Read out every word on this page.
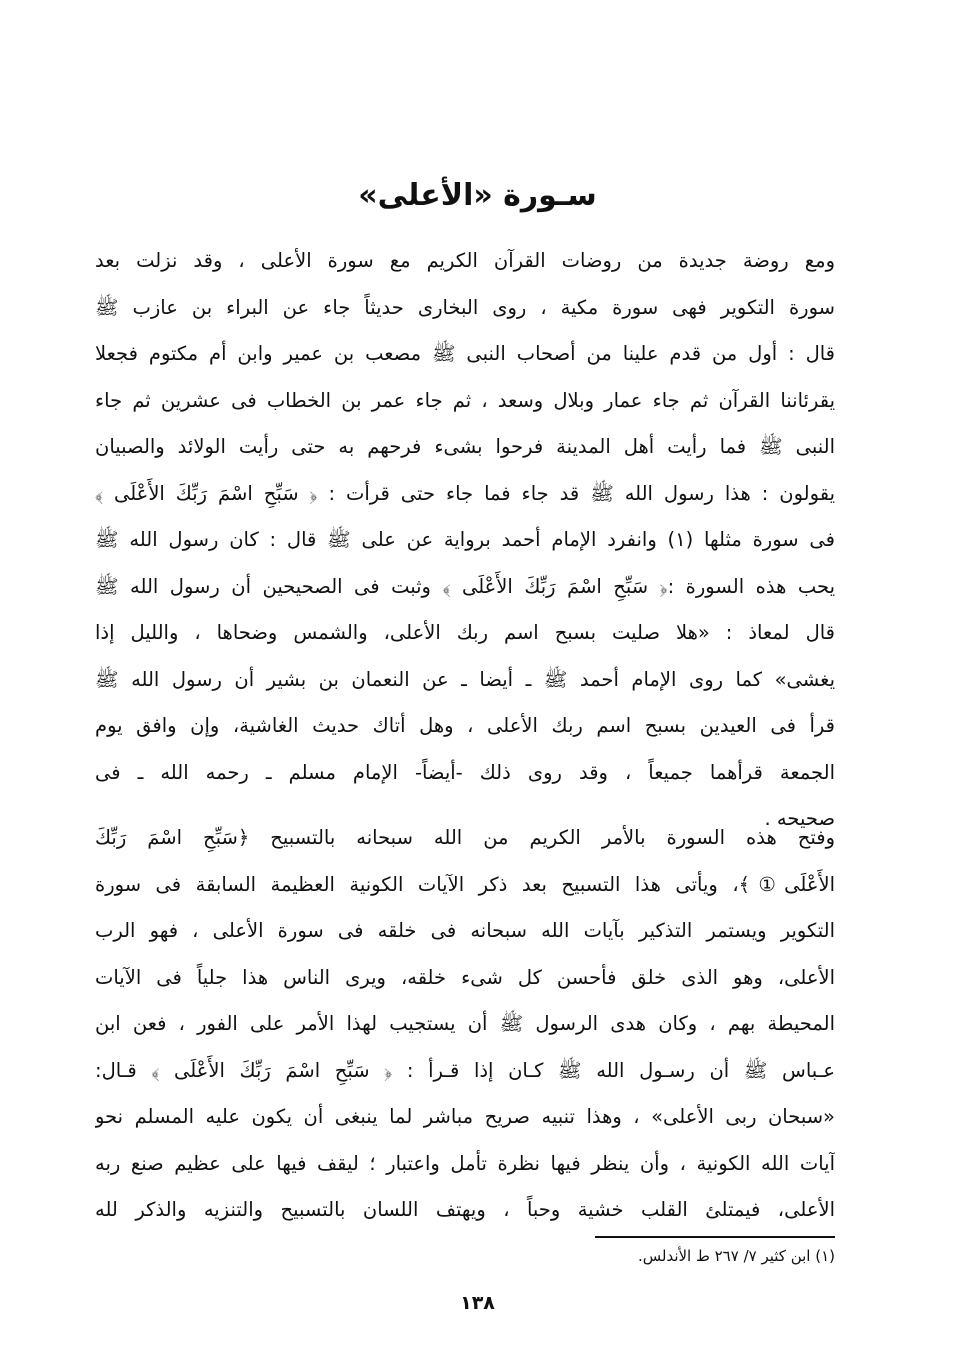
سـورة «الأعلى»
ومع روضة جديدة من روضات القرآن الكريم مع سورة الأعلى ، وقد نزلت بعد
سورة التكوير فهى سورة مكية ، روى البخارى حديثاً جاء عن البراء بن عازب ﷺ
قال : أول من قدم علينا من أصحاب النبى ﷺ مصعب بن عمير وابن أم مكتوم فجعلا
يقرئاننا القرآن ثم جاء عمار وبلال وسعد ، ثم جاء عمر بن الخطاب فى عشرين ثم جاء
النبى ﷺ فما رأيت أهل المدينة فرحوا بشىء فرحهم به حتى رأيت الولائد والصبيان
يقولون : هذا رسول الله ﷺ قد جاء فما جاء حتى قرأت : ﴿ سَبِّحِ اسْمَ رَبِّكَ الأَعْلَى ﴾
فى سورة مثلها (١) وانفرد الإمام أحمد برواية عن على ﷺ قال : كان رسول الله ﷺ
يحب هذه السورة :﴿ سَبِّحِ اسْمَ رَبِّكَ الأَعْلَى ﴾ وثبت فى الصحيحين أن رسول الله ﷺ
قال لمعاذ : «هلا صليت بسبح اسم ربك الأعلى، والشمس وضحاها ، والليل إذا
يغشى» كما روى الإمام أحمد ﷺ ـ أيضا ـ عن النعمان بن بشير أن رسول الله ﷺ
قرأ فى العيدين بسبح اسم ربك الأعلى ، وهل أتاك حديث الغاشية، وإن وافق يوم
الجمعة قرأهما جميعاً ، وقد روى ذلك -أيضاً- الإمام مسلم ـ رحمه الله ـ فى
صحيحه .
وفتح هذه السورة بالأمر الكريم من الله سبحانه بالتسبيح ﴿سَبِّحِ اسْمَ رَبِّكَ
الأَعْلَى①﴾، ويأتى هذا التسبيح بعد ذكر الآيات الكونية العظيمة السابقة فى سورة
التكوير ويستمر التذكير بآيات الله سبحانه فى خلقه فى سورة الأعلى ، فهو الرب
الأعلى، وهو الذى خلق فأحسن كل شىء خلقه، ويرى الناس هذا جلياً فى الآيات
المحيطة بهم ، وكان هدى الرسول ﷺ أن يستجيب لهذا الأمر على الفور ، فعن ابن
عـباس ﷺ أن رسـول الله ﷺ كـان إذا قـرأ : ﴿ سَبِّحِ اسْمَ رَبِّكَ الأَعْلَى ﴾ قـال:
«سبحان ربى الأعلى» ، وهذا تنبيه صريح مباشر لما ينبغى أن يكون عليه المسلم نحو
آيات الله الكونية ، وأن ينظر فيها نظرة تأمل واعتبار ؛ ليقف فيها على عظيم صنع ربه
الأعلى، فيمتلئ القلب خشية وحباً ، ويهتف اللسان بالتسبيح والتنزيه والذكر لله
(١) ابن كثير ٧/ ٢٦٧ ط الأندلس.
١٣٨
